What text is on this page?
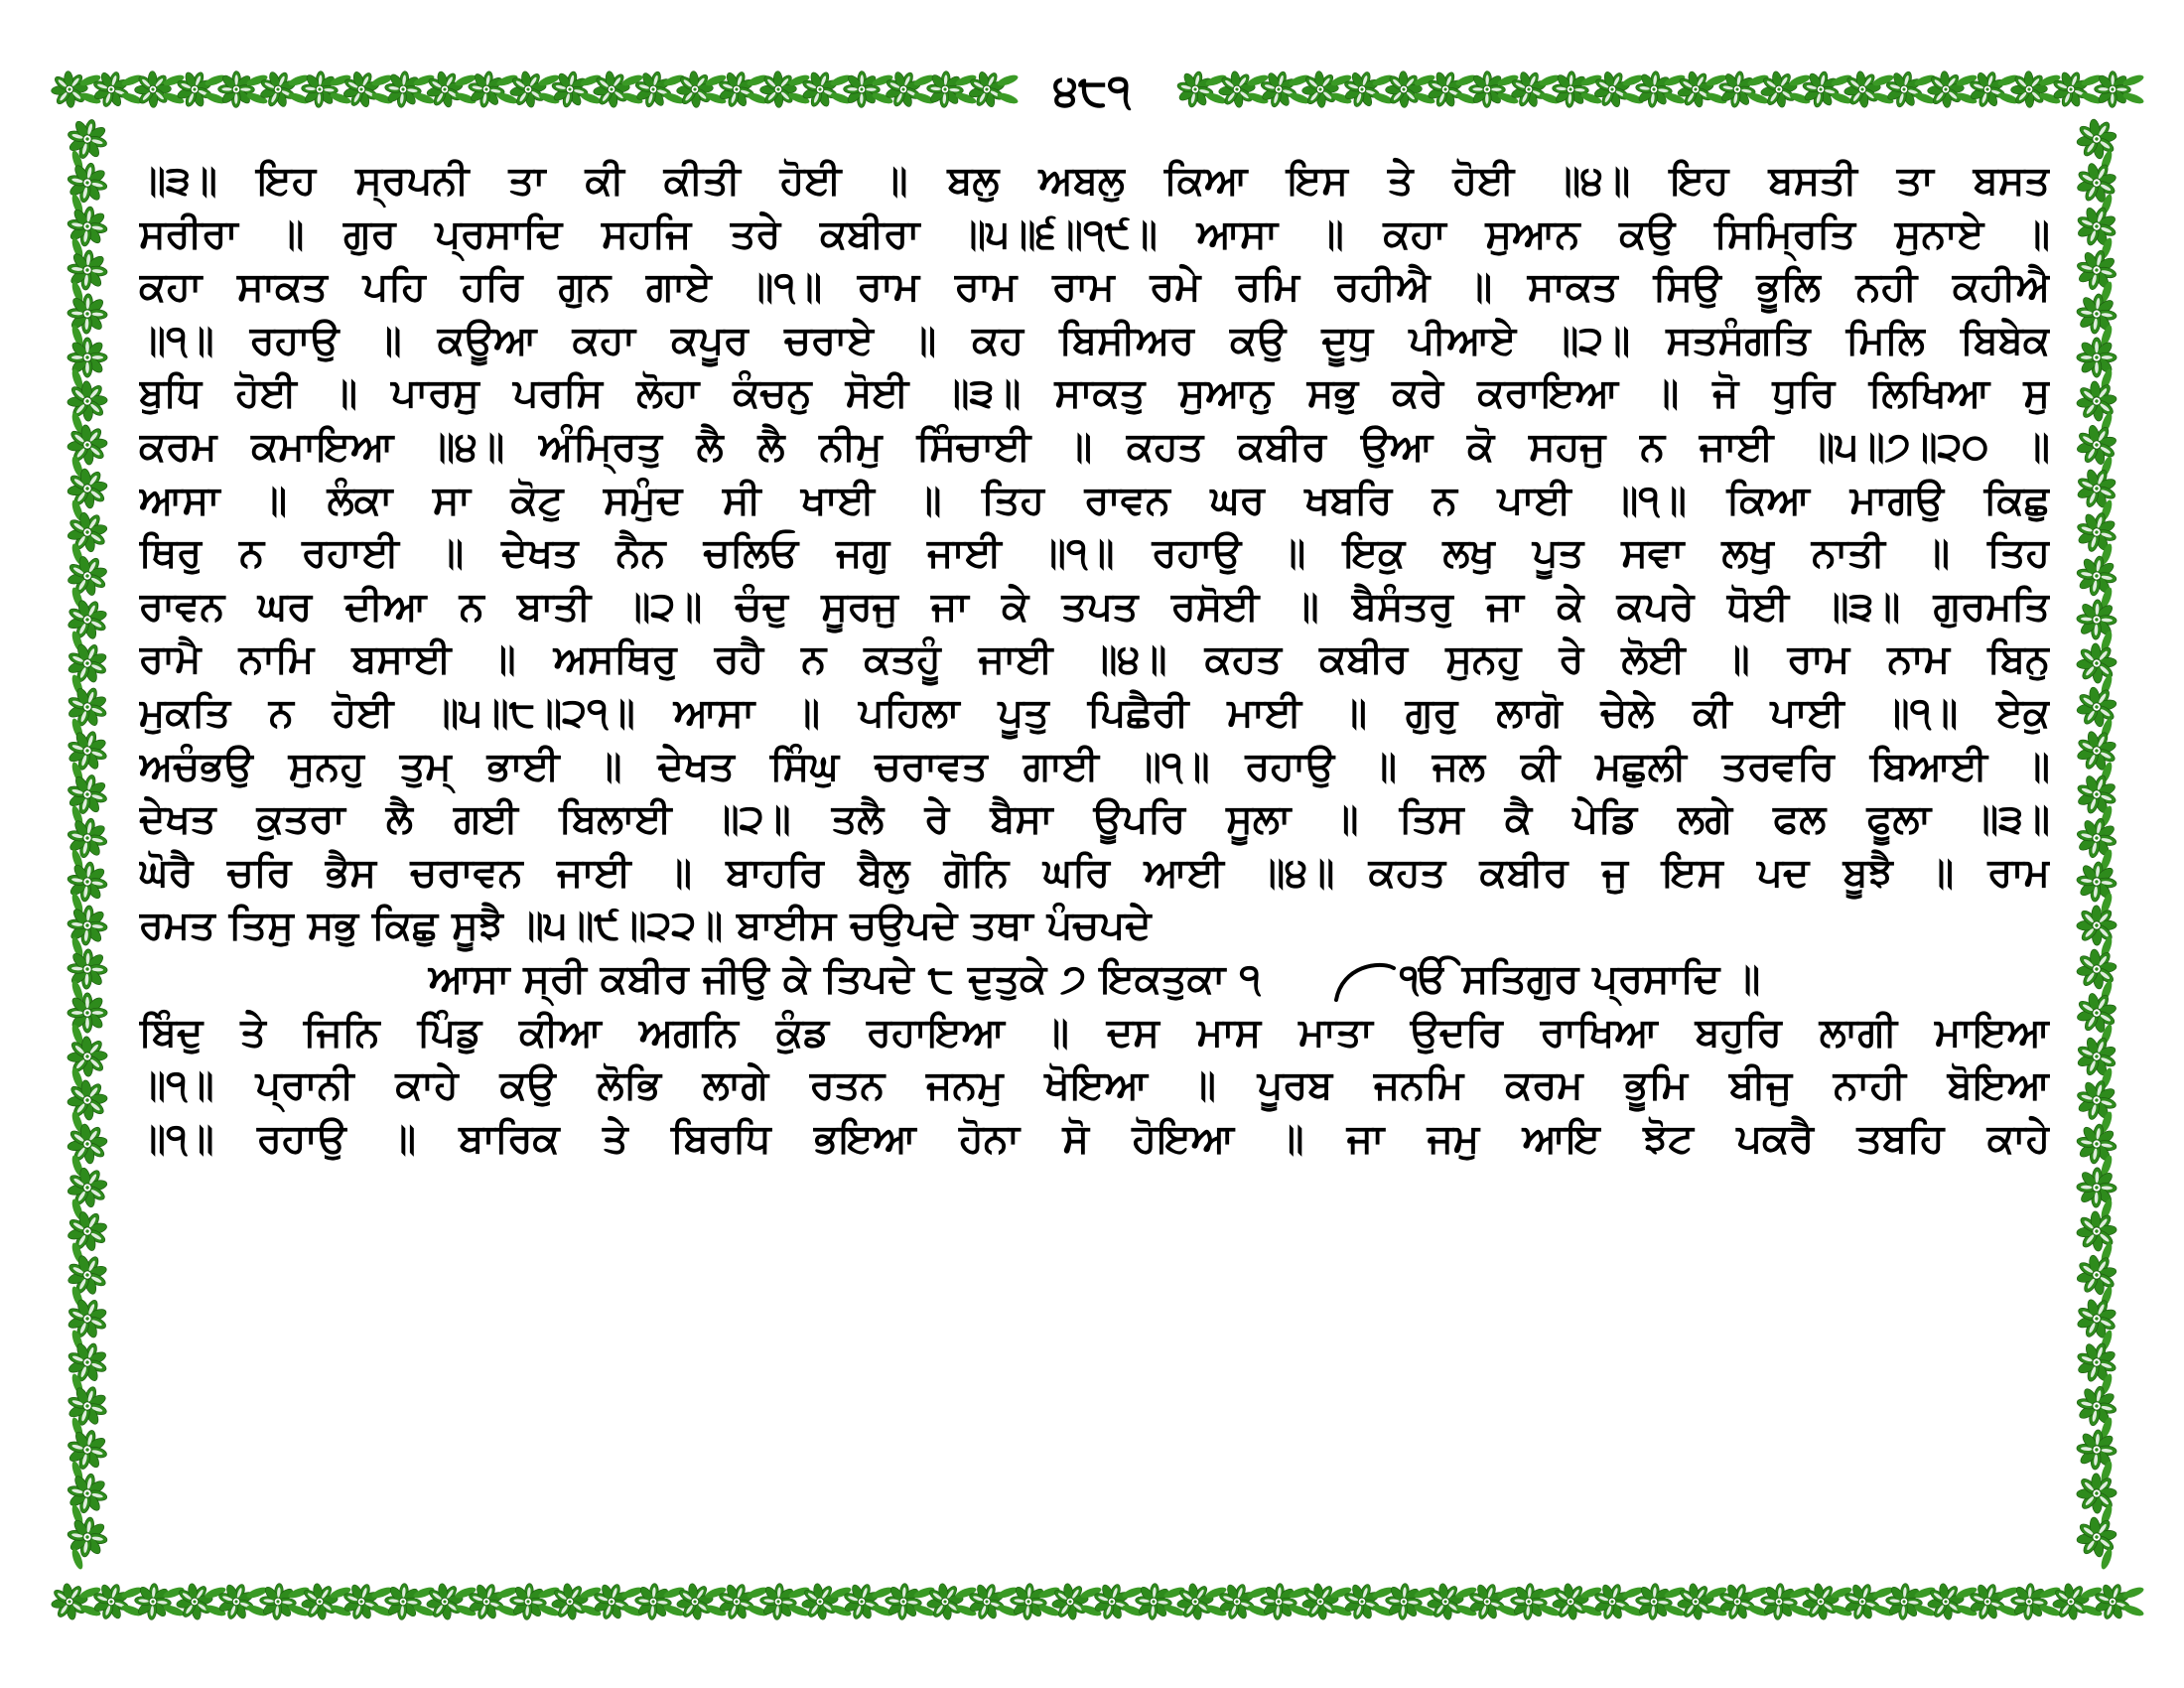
੪੮੧
॥੩॥ ਇਹ ਸ੍ਰਪਨੀ ਤਾ ਕੀ ਕੀਤੀ ਹੋਈ ॥ ਬਲੁ ਅਬਲੁ ਕਿਆ ਇਸ ਤੇ ਹੋਈ ॥੪॥ ਇਹ ਬਸਤੀ ਤਾ ਬਸਤ
ਸਰੀਰਾ ॥ ਗੁਰ ਪ੍ਰਸਾਦਿ ਸਹਜਿ ਤਰੇ ਕਬੀਰਾ ॥੫॥੬॥੧੯॥ ਆਸਾ ॥ ਕਹਾ ਸੁਆਨ ਕਉ ਸਿਮ੍ਰਿਤਿ ਸੁਨਾਏ ॥
ਕਹਾ ਸਾਕਤ ਪਹਿ ਹਰਿ ਗੁਨ ਗਾਏ ॥੧॥ ਰਾਮ ਰਾਮ ਰਾਮ ਰਮੇ ਰਮਿ ਰਹੀਐ ॥ ਸਾਕਤ ਸਿਉ ਭੂਲਿ ਨਹੀ ਕਹੀਐ
॥੧॥ ਰਹਾਉ ॥ ਕਊਆ ਕਹਾ ਕਪੂਰ ਚਰਾਏ ॥ ਕਹ ਬਿਸੀਅਰ ਕਉ ਦੂਧੁ ਪੀਆਏ ॥੨॥ ਸਤਸੰਗਤਿ ਮਿਲਿ ਬਿਬੇਕ
ਬੁਧਿ ਹੋਈ ॥ ਪਾਰਸੁ ਪਰਸਿ ਲੋਹਾ ਕੰਚਨੁ ਸੋਈ ॥੩॥ ਸਾਕਤੁ ਸੁਆਨੁ ਸਭੁ ਕਰੇ ਕਰਾਇਆ ॥ ਜੋ ਧੁਰਿ ਲਿਖਿਆ ਸੁ
ਕਰਮ ਕਮਾਇਆ ॥੪॥ ਅੰਮ੍ਰਿਤੁ ਲੈ ਲੈ ਨੀਮੁ ਸਿੰਚਾਈ ॥ ਕਹਤ ਕਬੀਰ ਉਆ ਕੋ ਸਹਜੁ ਨ ਜਾਈ ॥੫॥੭॥੨੦ ॥
ਆਸਾ ॥ ਲੰਕਾ ਸਾ ਕੋਟੁ ਸਮੁੰਦ ਸੀ ਖਾਈ ॥ ਤਿਹ ਰਾਵਨ ਘਰ ਖਬਰਿ ਨ ਪਾਈ ॥੧॥ ਕਿਆ ਮਾਗਉ ਕਿਛੁ
ਥਿਰੁ ਨ ਰਹਾਈ ॥ ਦੇਖਤ ਨੈਨ ਚਲਿਓ ਜਗੁ ਜਾਈ ॥੧॥ ਰਹਾਉ ॥ ਇਕੁ ਲਖੁ ਪੂਤ ਸਵਾ ਲਖੁ ਨਾਤੀ ॥ ਤਿਹ
ਰਾਵਨ ਘਰ ਦੀਆ ਨ ਬਾਤੀ ॥੨॥ ਚੰਦੁ ਸੂਰਜੁ ਜਾ ਕੇ ਤਪਤ ਰਸੋਈ ॥ ਬੈਸੰਤਰੁ ਜਾ ਕੇ ਕਪਰੇ ਧੋਈ ॥੩॥ ਗੁਰਮਤਿ
ਰਾਮੈ ਨਾਮਿ ਬਸਾਈ ॥ ਅਸਥਿਰੁ ਰਹੈ ਨ ਕਤਹੂੰ ਜਾਈ ॥੪॥ ਕਹਤ ਕਬੀਰ ਸੁਨਹੁ ਰੇ ਲੋਈ ॥ ਰਾਮ ਨਾਮ ਬਿਨੁ
ਮੁਕਤਿ ਨ ਹੋਈ ॥੫॥੮॥੨੧॥ ਆਸਾ ॥ ਪਹਿਲਾ ਪੂਤੁ ਪਿਛੈਰੀ ਮਾਈ ॥ ਗੁਰੁ ਲਾਗੋ ਚੇਲੇ ਕੀ ਪਾਈ ॥੧॥ ਏਕੁ
ਅਚੰਭਉ ਸੁਨਹੁ ਤੁਮ੍ ਭਾਈ ॥ ਦੇਖਤ ਸਿੰਘੁ ਚਰਾਵਤ ਗਾਈ ॥੧॥ ਰਹਾਉ ॥ ਜਲ ਕੀ ਮਛੁਲੀ ਤਰਵਰਿ ਬਿਆਈ ॥
ਦੇਖਤ ਕੁਤਰਾ ਲੈ ਗਈ ਬਿਲਾਈ ॥੨॥ ਤਲੈ ਰੇ ਬੈਸਾ ਊਪਰਿ ਸੂਲਾ ॥ ਤਿਸ ਕੈ ਪੇਡਿ ਲਗੇ ਫਲ ਫੂਲਾ ॥੩॥
ਘੋਰੈ ਚਰਿ ਭੈਸ ਚਰਾਵਨ ਜਾਈ ॥ ਬਾਹਰਿ ਬੈਲੁ ਗੋਨਿ ਘਰਿ ਆਈ ॥੪॥ ਕਹਤ ਕਬੀਰ ਜੁ ਇਸ ਪਦ ਬੂਝੈ ॥ ਰਾਮ
ਰਮਤ ਤਿਸੁ ਸਭੁ ਕਿਛੁ ਸੂਝੈ ॥੫॥੯॥੨੨॥ ਬਾਈਸ ਚਉਪਦੇ ਤਥਾ ਪੰਚਪਦੇ
ਆਸਾ ਸ੍ਰੀ ਕਬੀਰ ਜੀਉ ਕੇ ਤਿਪਦੇ ੮ ਦੁਤੁਕੇ ੭ ਇਕਤੁਕਾ ੧	ੴ ਸਤਿਗੁਰ ਪ੍ਰਸਾਦਿ ॥
ਬਿੰਦੁ ਤੇ ਜਿਨਿ ਪਿੰਡੁ ਕੀਆ ਅਗਨਿ ਕੁੰਡ ਰਹਾਇਆ ॥ ਦਸ ਮਾਸ ਮਾਤਾ ਉਦਰਿ ਰਾਖਿਆ ਬਹੁਰਿ ਲਾਗੀ ਮਾਇਆ
॥੧॥ ਪ੍ਰਾਨੀ ਕਾਹੇ ਕਉ ਲੋਭਿ ਲਾਗੇ ਰਤਨ ਜਨਮੁ ਖੋਇਆ ॥ ਪੂਰਬ ਜਨਮਿ ਕਰਮ ਭੂਮਿ ਬੀਜੁ ਨਾਹੀ ਬੋਇਆ
॥੧॥ ਰਹਾਉ ॥ ਬਾਰਿਕ ਤੇ ਬਿਰਧਿ ਭਇਆ ਹੋਨਾ ਸੋ ਹੋਇਆ ॥ ਜਾ ਜਮੁ ਆਇ ਝੋਟ ਪਕਰੈ ਤਬਹਿ ਕਾਹੇ
